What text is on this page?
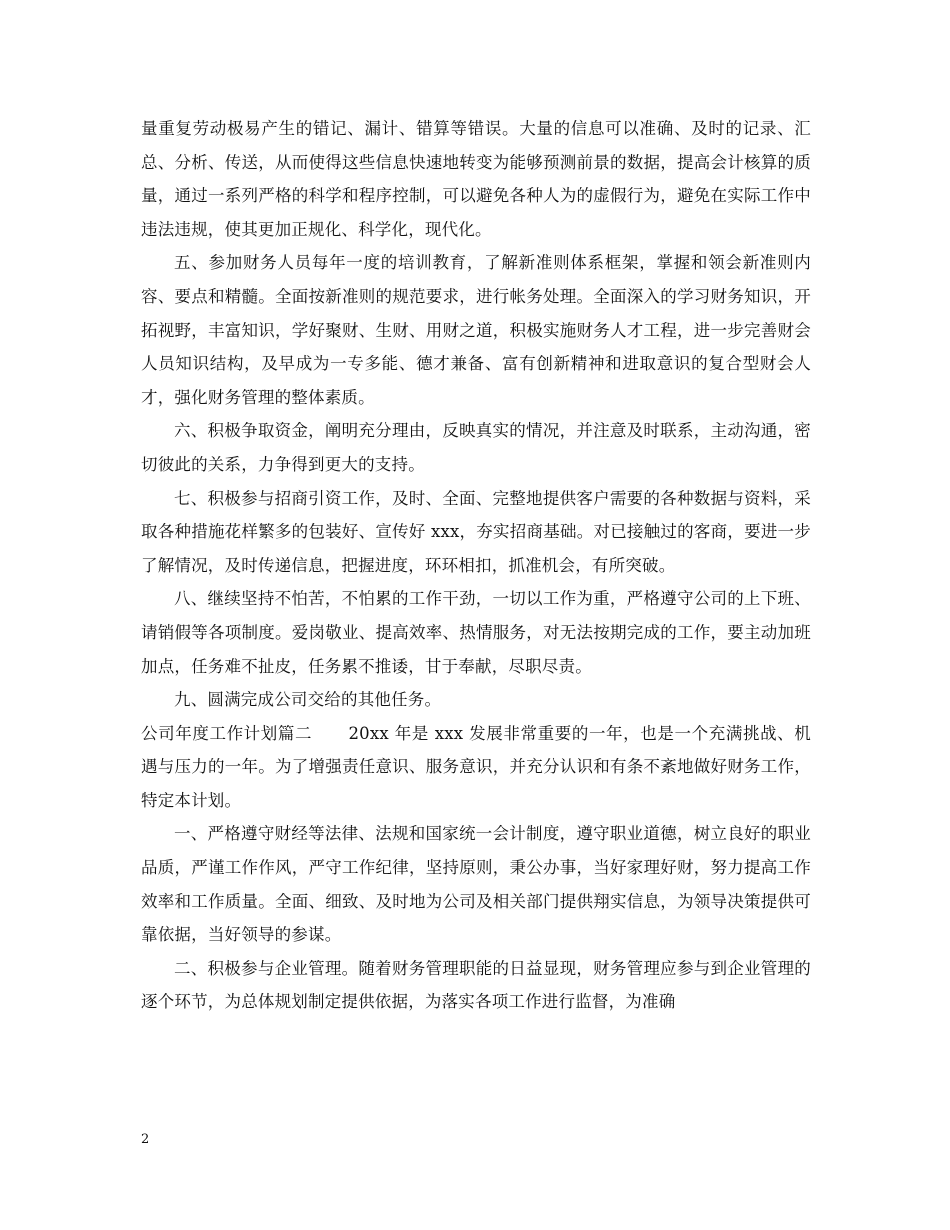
量重复劳动极易产生的错记、漏计、错算等错误。大量的信息可以准确、及时的记录、汇总、分析、传送，从而使得这些信息快速地转变为能够预测前景的数据，提高会计核算的质量，通过一系列严格的科学和程序控制，可以避免各种人为的虚假行为，避免在实际工作中违法违规，使其更加正规化、科学化，现代化。

五、参加财务人员每年一度的培训教育，了解新准则体系框架，掌握和领会新准则内容、要点和精髓。全面按新准则的规范要求，进行帐务处理。全面深入的学习财务知识，开拓视野，丰富知识，学好聚财、生财、用财之道，积极实施财务人才工程，进一步完善财会人员知识结构，及早成为一专多能、德才兼备、富有创新精神和进取意识的复合型财会人才，强化财务管理的整体素质。

六、积极争取资金，阐明充分理由，反映真实的情况，并注意及时联系，主动沟通，密切彼此的关系，力争得到更大的支持。

七、积极参与招商引资工作，及时、全面、完整地提供客户需要的各种数据与资料，采取各种措施花样繁多的包装好、宣传好 xxx，夯实招商基础。对已接触过的客商，要进一步了解情况，及时传递信息，把握进度，环环相扣，抓准机会，有所突破。

八、继续坚持不怕苦，不怕累的工作干劲，一切以工作为重，严格遵守公司的上下班、请销假等各项制度。爱岗敬业、提高效率、热情服务，对无法按期完成的工作，要主动加班加点，任务难不扯皮，任务累不推诿，甘于奉献，尽职尽责。

九、圆满完成公司交给的其他任务。

公司年度工作计划篇二 20xx 年是 xxx 发展非常重要的一年，也是一个充满挑战、机遇与压力的一年。为了增强责任意识、服务意识，并充分认识和有条不紊地做好财务工作，特定本计划。

一、严格遵守财经等法律、法规和国家统一会计制度，遵守职业道德，树立良好的职业品质，严谨工作作风，严守工作纪律，坚持原则，秉公办事，当好家理好财，努力提高工作效率和工作质量。全面、细致、及时地为公司及相关部门提供翔实信息，为领导决策提供可靠依据，当好领导的参谋。

二、积极参与企业管理。随着财务管理职能的日益显现，财务管理应参与到企业管理的逐个环节，为总体规划制定提供依据，为落实各项工作进行监督，为准确

2
